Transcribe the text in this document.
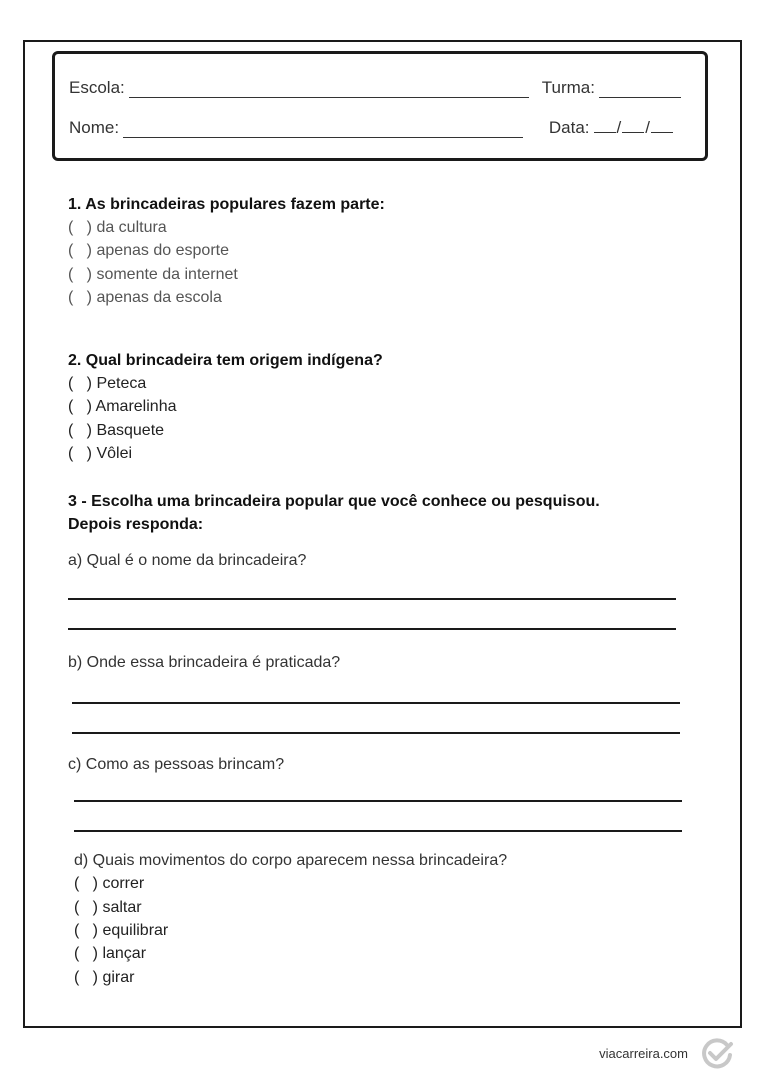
Escola:	Turma:
Nome:	Data:	/ /

1. As brincadeiras populares fazem parte:

(   ) da cultura
(   ) apenas do esporte
(   ) somente da internet
(   ) apenas da escola

2. Qual brincadeira tem origem indígena?

(   ) Peteca
(   ) Amarelinha
(   ) Basquete
(   ) Vôlei

3 - Escolha uma brincadeira popular que você conhece ou pesquisou.

Depois responda:

a) Qual é o nome da brincadeira?
b) Onde essa brincadeira é praticada?
c) Como as pessoas brincam?
d) Quais movimentos do corpo aparecem nessa brincadeira?
(   ) correr
(   ) saltar
(   ) equilibrar
(   ) lançar
(   ) girar
viacarreira.com
